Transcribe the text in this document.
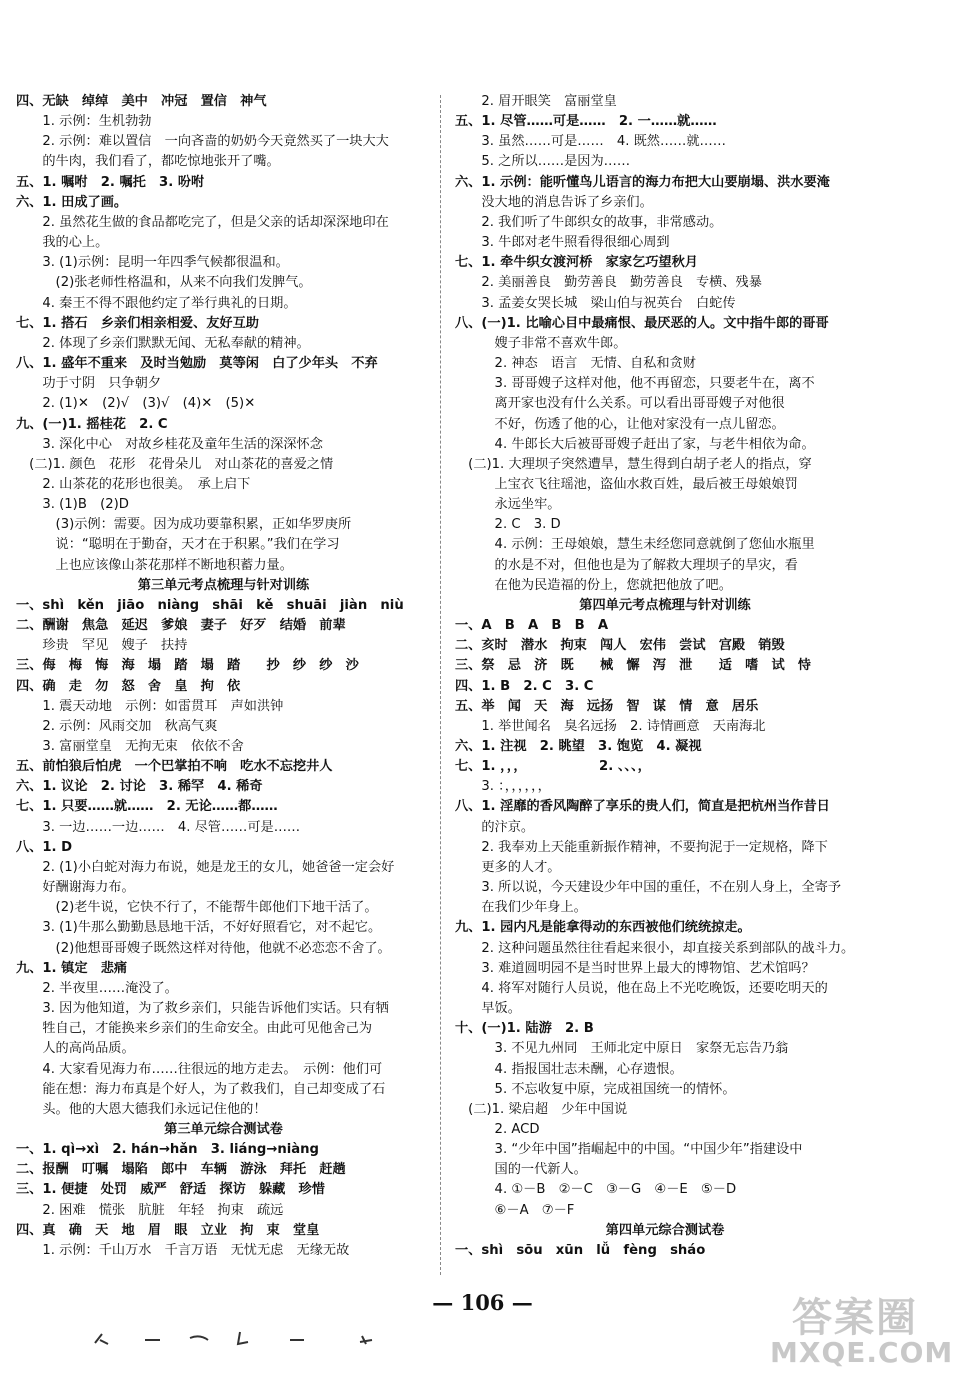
四、无缺　绰绰　美中　冲冠　置信　神气
　　1. 示例：生机勃勃
　　2. 示例：难以置信　一向吝啬的奶奶今天竟然买了一块大大
　　的牛肉，我们看了，都吃惊地张开了嘴。
五、1. 嘱咐　2. 嘱托　3. 吩咐
六、1. 田成了画。
　　2. 虽然花生做的食品都吃完了，但是父亲的话却深深地印在
　　我的心上。
　　3. (1)示例：昆明一年四季气候都很温和。
　　　(2)张老师性格温和，从来不向我们发脾气。
　　4. 秦王不得不跟他约定了举行典礼的日期。
七、1. 搭石　乡亲们相亲相爱、友好互助
　　2. 体现了乡亲们默默无闻、无私奉献的精神。
八、1. 盛年不重来　及时当勉励　莫等闲　白了少年头　不弃
　　功于寸阴　只争朝夕
　　2. (1)✕　(2)√　(3)√　(4)✕　(5)✕
九、(一)1. 摇桂花　2. C
　　3. 深化中心　对故乡桂花及童年生活的深深怀念
　(二)1. 颜色　花形　花骨朵儿　对山茶花的喜爱之情
　　2. 山茶花的花形也很美。　承上启下
　　3. (1)B　(2)D
　　　(3)示例：需要。因为成功要靠积累，正如华罗庚所
　　　说：“聪明在于勤奋，天才在于积累。”我们在学习
　　　上也应该像山茶花那样不断地积蓄力量。
第三单元考点梳理与针对训练
一、shì　kěn　jiāo　niàng　shāi　kě　shuāi　jiàn　niù
二、酬谢　焦急　延迟　爹娘　妻子　好歹　结婚　前辈
　　珍贵　罕见　嫂子　扶持
三、侮　梅　悔　海　塌　踏　塌　踏　　抄　纱　纱　沙
四、确　走　勿　怒　舍　皇　拘　依
　　1. 震天动地　示例：如雷贯耳　声如洪钟
　　2. 示例：风雨交加　秋高气爽
　　3. 富丽堂皇　无拘无束　依依不舍
五、前怕狼后怕虎　一个巴掌拍不响　吃水不忘挖井人
六、1. 议论　2. 讨论　3. 稀罕　4. 稀奇
七、1. 只要……就……　2. 无论……都……
　　3. 一边……一边……　4. 尽管……可是……
八、1. D
　　2. (1)小白蛇对海力布说，她是龙王的女儿，她爸爸一定会好
　　好酬谢海力布。
　　　(2)老牛说，它快不行了，不能帮牛郎他们下地干活了。
　　3. (1)牛那么勤勤恳恳地干活，不好好照看它，对不起它。
　　　(2)他想哥哥嫂子既然这样对待他，他就不必恋恋不舍了。
九、1. 镇定　悲痛
　　2. 半夜里……淹没了。
　　3. 因为他知道，为了救乡亲们，只能告诉他们实话。只有牺
　　牲自己，才能换来乡亲们的生命安全。由此可见他舍己为
　　人的高尚品质。
　　4. 大家看见海力布……往很远的地方走去。　示例：他们可
　　能在想：海力布真是个好人，为了救我们，自己却变成了石
　　头。他的大恩大德我们永远记住他的！
第三单元综合测试卷
一、1. qì→xì　2. hán→hǎn　3. liáng→niàng
二、报酬　叮嘱　塌陷　郎中　车辆　游泳　拜托　赶趟
三、1. 便捷　处罚　威严　舒适　探访　躲藏　珍惜
　　2. 困难　慌张　肮脏　年轻　拘束　疏远
四、真　确　天　地　眉　眼　立业　拘　束　堂皇
　　1. 示例：千山万水　千言万语　无忧无虑　无缘无故
　　2. 眉开眼笑　富丽堂皇
五、1. 尽管……可是……　2. 一……就……
　　3. 虽然……可是……　4. 既然……就……
　　5. 之所以……是因为……
六、1. 示例：能听懂鸟儿语言的海力布把大山要崩塌、洪水要淹
　　没大地的消息告诉了乡亲们。
　　2. 我们听了牛郎织女的故事，非常感动。
　　3. 牛郎对老牛照看得很细心周到
七、1. 牵牛织女渡河桥　家家乞巧望秋月
　　2. 美丽善良　勤劳善良　勤劳善良　专横、残暴
　　3. 孟姜女哭长城　梁山伯与祝英台　白蛇传
八、(一)1. 比喻心目中最痛恨、最厌恶的人。文中指牛郎的哥哥
　　　嫂子非常不喜欢牛郎。
　　　2. 神态　语言　无情、自私和贪财
　　　3. 哥哥嫂子这样对他，他不再留恋，只要老牛在，离不
　　　离开家也没有什么关系。可以看出哥哥嫂子对他很
　　　不好，伤透了他的心，让他对家没有一点儿留恋。
　　　4. 牛郎长大后被哥哥嫂子赶出了家，与老牛相依为命。
　(二)1. 大理坝子突然遭旱，慧生得到白胡子老人的指点，穿
　　　上宝衣飞往瑶池，盗仙水救百姓，最后被王母娘娘罚
　　　永远坐牢。
　　　2. C　3. D
　　　4. 示例：王母娘娘，慧生未经您同意就倒了您仙水瓶里
　　　的水是不对，但他也是为了解救大理坝子的旱灾，看
　　　在他为民造福的份上，您就把他放了吧。
第四单元考点梳理与针对训练
一、A　B　A　B　B　A
二、亥时　潜水　拘束　闯人　宏伟　尝试　宫殿　销毁
三、祭　忌　济　既　　械　懈　泻　泄　　适　嗜　试　恃
四、1. B　2. C　3. C
五、举　闻　天　海　远扬　智　谋　情　意　居乐
　　1. 举世闻名　臭名远扬　2. 诗情画意　天南海北
六、1. 注视　2. 眺望　3. 饱览　4. 凝视
七、1. ，，，　　　　　　2. 、、、，
　　3. ：，，，，，，
八、1. 淫靡的香风陶醉了享乐的贵人们，简直是把杭州当作昔日
　　的汴京。
　　2. 我奉劝上天能重新振作精神，不要拘泥于一定规格，降下
　　更多的人才。
　　3. 所以说，今天建设少年中国的重任，不在别人身上，全寄予
　　在我们少年身上。
九、1. 园内凡是能拿得动的东西被他们统统掠走。
　　2. 这种问题虽然往往看起来很小，却直接关系到部队的战斗力。
　　3. 难道圆明园不是当时世界上最大的博物馆、艺术馆吗？
　　4. 将军对随行人员说，他在岛上不光吃晚饭，还要吃明天的
　　早饭。
十、(一)1. 陆游　2. B
　　　3. 不见九州同　王师北定中原日　家祭无忘告乃翁
　　　4. 指报国壮志未酬，心存遗恨。
　　　5. 不忘收复中原，完成祖国统一的情怀。
　(二)1. 梁启超　少年中国说
　　　2. ACD
　　　3. “少年中国”指崛起中的中国。“中国少年”指建设中
　　　国的一代新人。
　　　4. ①－B　②－C　③－G　④－E　⑤－D
　　　⑥－A　⑦－F
第四单元综合测试卷
一、shì　sōu　xūn　lǚ　fèng　sháo
— 106 —	答案圈
MXQE.COM
